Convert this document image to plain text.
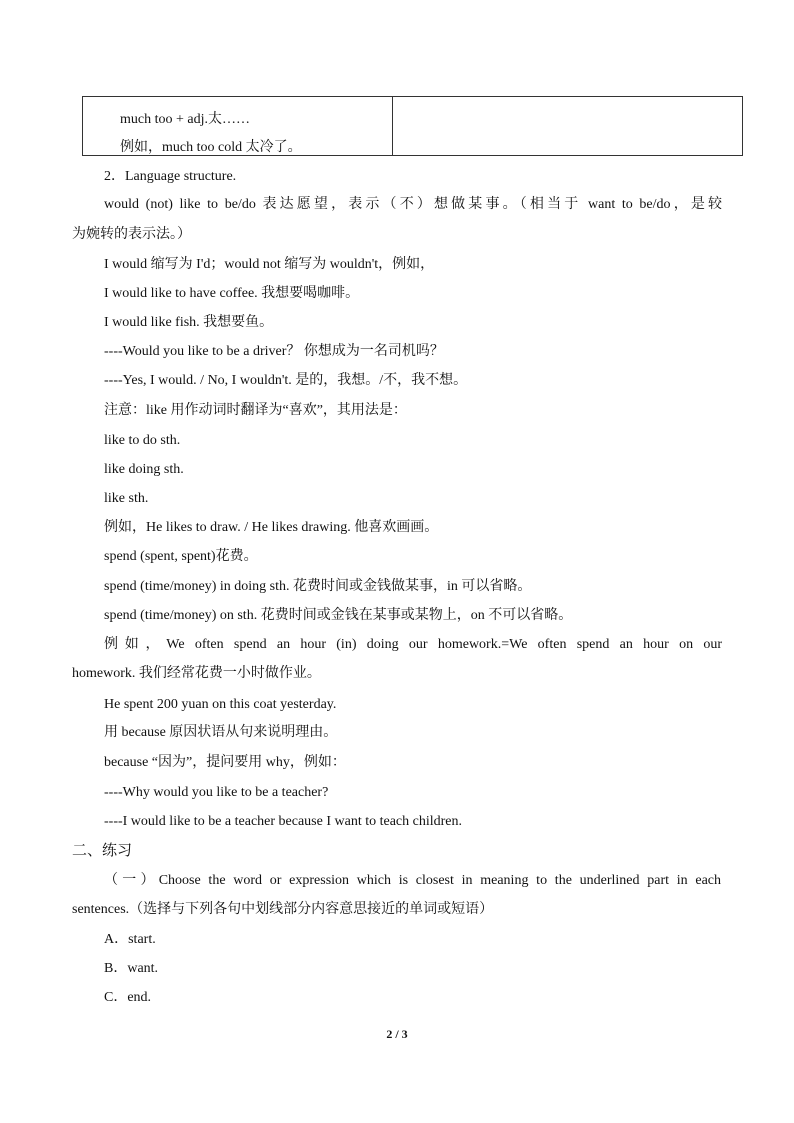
much too + adj.太……
例如，much too cold 太冷了。
2．Language structure.
would (not) like to be/do 表达愿望，表示（不）想做某事。（相当于 want to be/do，是较
为婉转的表示法。）
I would 缩写为 I'd；would not 缩写为 wouldn't，例如，
I would like to have coffee. 我想要喝咖啡。
I would like fish. 我想要鱼。
----Would you like to be a driver？ 你想成为一名司机吗？
----Yes, I would. / No, I wouldn't. 是的，我想。/不，我不想。
注意：like 用作动词时翻译为“喜欢”，其用法是：
like to do sth.
like doing sth.
like sth.
例如，He likes to draw. / He likes drawing. 他喜欢画画。
spend (spent, spent)花费。
spend (time/money) in doing sth. 花费时间或金钱做某事，in 可以省略。
spend (time/money) on sth. 花费时间或金钱在某事或某物上，on 不可以省略。
例如，We often spend an hour (in) doing our homework.=We often spend an hour on our
homework. 我们经常花费一小时做作业。
He spent 200 yuan on this coat yesterday.
用 because 原因状语从句来说明理由。
because “因为”，提问要用 why，例如：
----Why would you like to be a teacher?
----I would like to be a teacher because I want to teach children.
二、练习
（一）Choose the word or expression which is closest in meaning to the underlined part in each
sentences.（选择与下列各句中划线部分内容意思接近的单词或短语）
A．start.
B．want.
C．end.
2 / 3
